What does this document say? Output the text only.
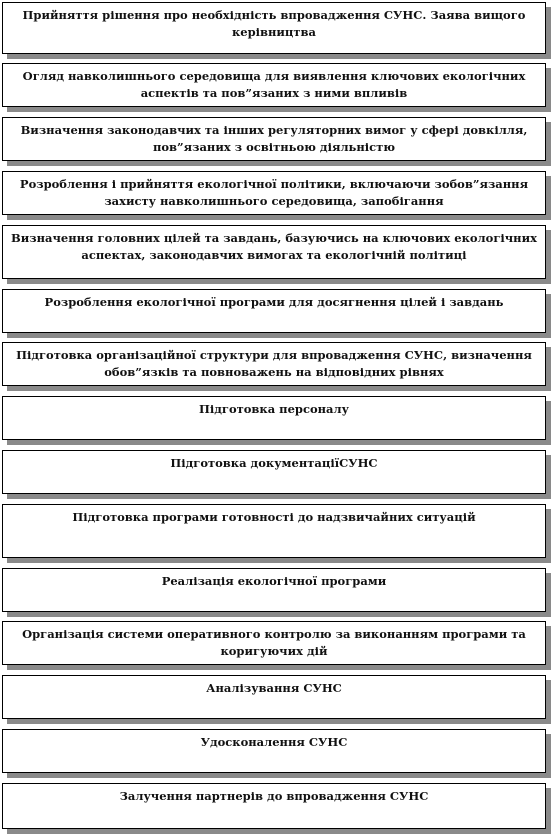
Прийняття рішення про необхідність впровадження СУНС. Заява вищого керівництва
Огляд навколишнього середовища для виявлення ключових екологічних аспектів та пов”язаних з ними впливів
Визначення законодавчих та інших регуляторних вимог у сфері довкілля, пов”язаних з освітньою діяльністю
Розроблення і прийняття екологічної політики, включаючи зобов”язання захисту навколишнього середовища, запобігання
Визначення головних цілей та завдань, базуючись на ключових екологічних аспектах, законодавчих вимогах та екологічній політиці
Розроблення екологічної програми для досягнення цілей і завдань
Підготовка організаційної структури для впровадження СУНС, визначення обов”язків та повноважень на відповідних рівнях
Підготовка персоналу
Підготовка документаціїСУНС
Підготовка програми готовності до надзвичайних ситуацій
Реалізація екологічної програми
Організація системи оперативного контролю за виконанням програми та коригуючих дій
Аналізування СУНС
Удосконалення СУНС
Залучення партнерів до впровадження СУНС
